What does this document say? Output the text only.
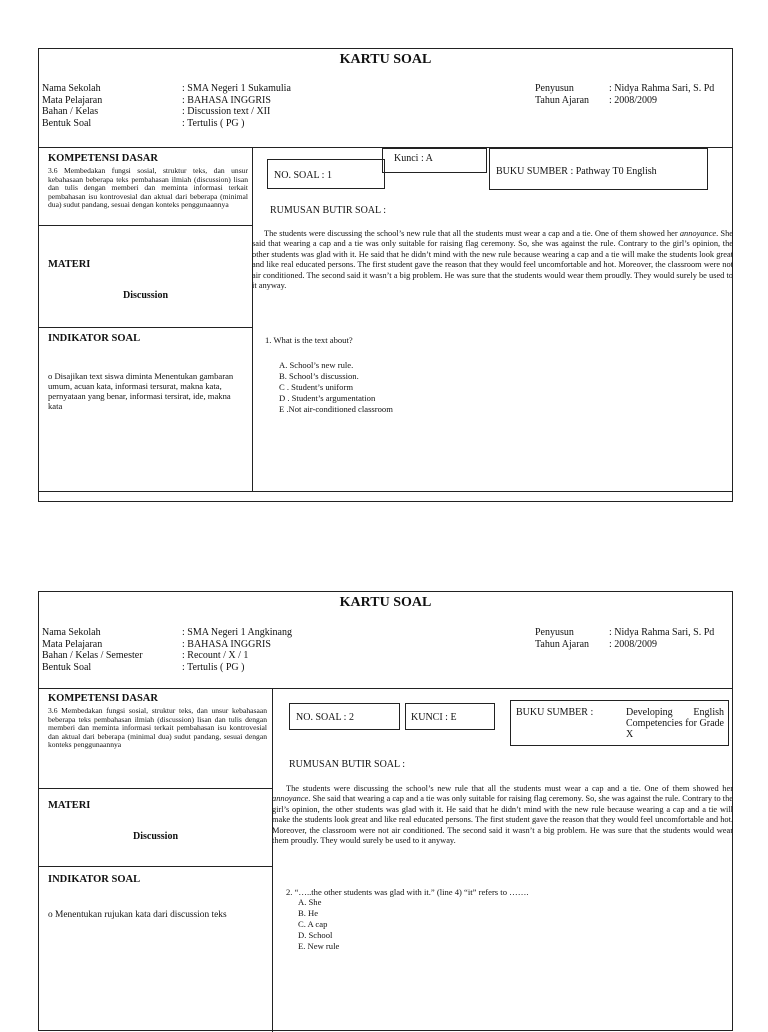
KARTU SOAL
Nama Sekolah	: SMA Negeri 1 Sukamulia
Mata Pelajaran	: BAHASA INGGRIS
Bahan / Kelas	: Discussion text / XII
Bentuk Soal	: Tertulis ( PG )
Penyusun	: Nidya Rahma Sari, S. Pd
Tahun Ajaran : 2008/2009
KOMPETENSI DASAR
3.6 Membedakan fungsi sosial, struktur teks, dan unsur kebahasaan beberapa teks pembahasan ilmiah (discussion) lisan dan tulis dengan memberi dan meminta informasi terkait pembahasan isu kontrovesial dan aktual dari beberapa (minimal dua) sudut pandang, sesuai dengan konteks penggunaannya
MATERI
Discussion
INDIKATOR SOAL
o Disajikan text siswa diminta Menentukan gambaran umum, acuan kata, informasi tersurat, makna kata, pernyataan yang benar, informasi tersirat, ide, makna kata
NO. SOAL : 1
Kunci : A
BUKU SUMBER : Pathway T0 English
RUMUSAN BUTIR SOAL :
The students were discussing the school’s new rule that all the students must wear a cap and a tie. One of them showed her annoyance. She said that wearing a cap and a tie was only suitable for raising flag ceremony. So, she was against the rule. Contrary to the girl’s opinion, the other students was glad with it. He said that he didn’t mind with the new rule because wearing a cap and a tie will make the students look great and like real educated persons. The first student gave the reason that they would feel uncomfortable and hot. Moreover, the classroom were not air conditioned. The second said it wasn’t a big problem. He was sure that the students would wear them proudly. They would surely be used to it anyway.
1. What is the text about?
A. School’s new rule.
B. School’s discussion.
C . Student’s uniform
D . Student’s argumentation
E .Not air-conditioned classroom
KARTU SOAL
Nama Sekolah	: SMA Negeri 1 Angkinang
Mata Pelajaran	: BAHASA INGGRIS
Bahan / Kelas / Semester	: Recount / X / 1
Bentuk Soal	: Tertulis ( PG )
Penyusun	: Nidya Rahma Sari, S. Pd
Tahun Ajaran : 2008/2009
KOMPETENSI DASAR
3.6 Membedakan fungsi sosial, struktur teks, dan unsur kebahasaan beberapa teks pembahasan ilmiah (discussion) lisan dan tulis dengan memberi dan meminta informasi terkait pembahasan isu kontrovesial dan aktual dari beberapa (minimal dua) sudut pandang, sesuai dengan konteks penggunaannya
MATERI
Discussion
INDIKATOR SOAL
o Menentukan rujukan kata dari discussion teks
NO. SOAL : 2	KUNCI : E	BUKU SUMBER :	Developing English Competencies for Grade X
RUMUSAN BUTIR SOAL :
The students were discussing the school’s new rule that all the students must wear a cap and a tie. One of them showed her annoyance. She said that wearing a cap and a tie was only suitable for raising flag ceremony. So, she was against the rule. Contrary to the girl’s opinion, the other students was glad with it. He said that he didn’t mind with the new rule because wearing a cap and a tie will make the students look great and like real educated persons. The first student gave the reason that they would feel uncomfortable and hot. Moreover, the classroom were not air conditioned. The second said it wasn’t a big problem. He was sure that the students would wear them proudly. They would surely be used to it anyway.
2. “…..the other students was glad with it.” (line 4) “it” refers to …….
A. She
B. He
C. A cap
D. School
E. New rule
